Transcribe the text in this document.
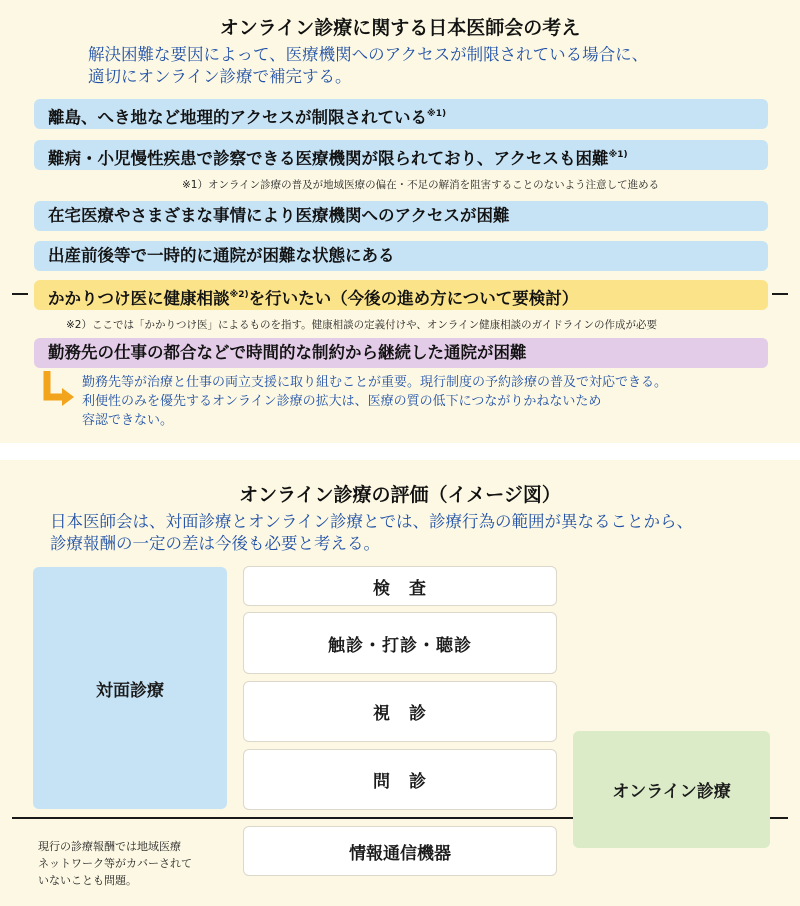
オンライン診療に関する日本医師会の考え
解決困難な要因によって、医療機関へのアクセスが制限されている場合に、
適切にオンライン診療で補完する。
離島、へき地など地理的アクセスが制限されている$^{※1)}$
難病・小児慢性疾患で診察できる医療機関が限られており、アクセスも困難$^{※1)}$
※1）オンライン診療の普及が地域医療の偏在・不足の解消を阻害することのないよう注意して進める
在宅医療やさまざまな事情により医療機関へのアクセスが困難
出産前後等で一時的に通院が困難な状態にある
かかりつけ医に健康相談$^{※2)}$を行いたい（今後の進め方について要検討）
※2）ここでは「かかりつけ医」によるものを指す。健康相談の定義付けや、オンライン健康相談のガイドラインの作成が必要
勤務先の仕事の都合などで時間的な制約から継続した通院が困難
勤務先等が治療と仕事の両立支援に取り組むことが重要。現行制度の予約診療の普及で対応できる。
利便性のみを優先するオンライン診療の拡大は、医療の質の低下につながりかねないため
容認できない。
オンライン診療の評価（イメージ図）
日本医師会は、対面診療とオンライン診療とでは、診療行為の範囲が異なることから、
診療報酬の一定の差は今後も必要と考える。
対面診療
検　査
触診・打診・聴診
視　診
問　診
情報通信機器
オンライン診療
現行の診療報酬では地域医療
ネットワーク等がカバーされて
いないことも問題。
